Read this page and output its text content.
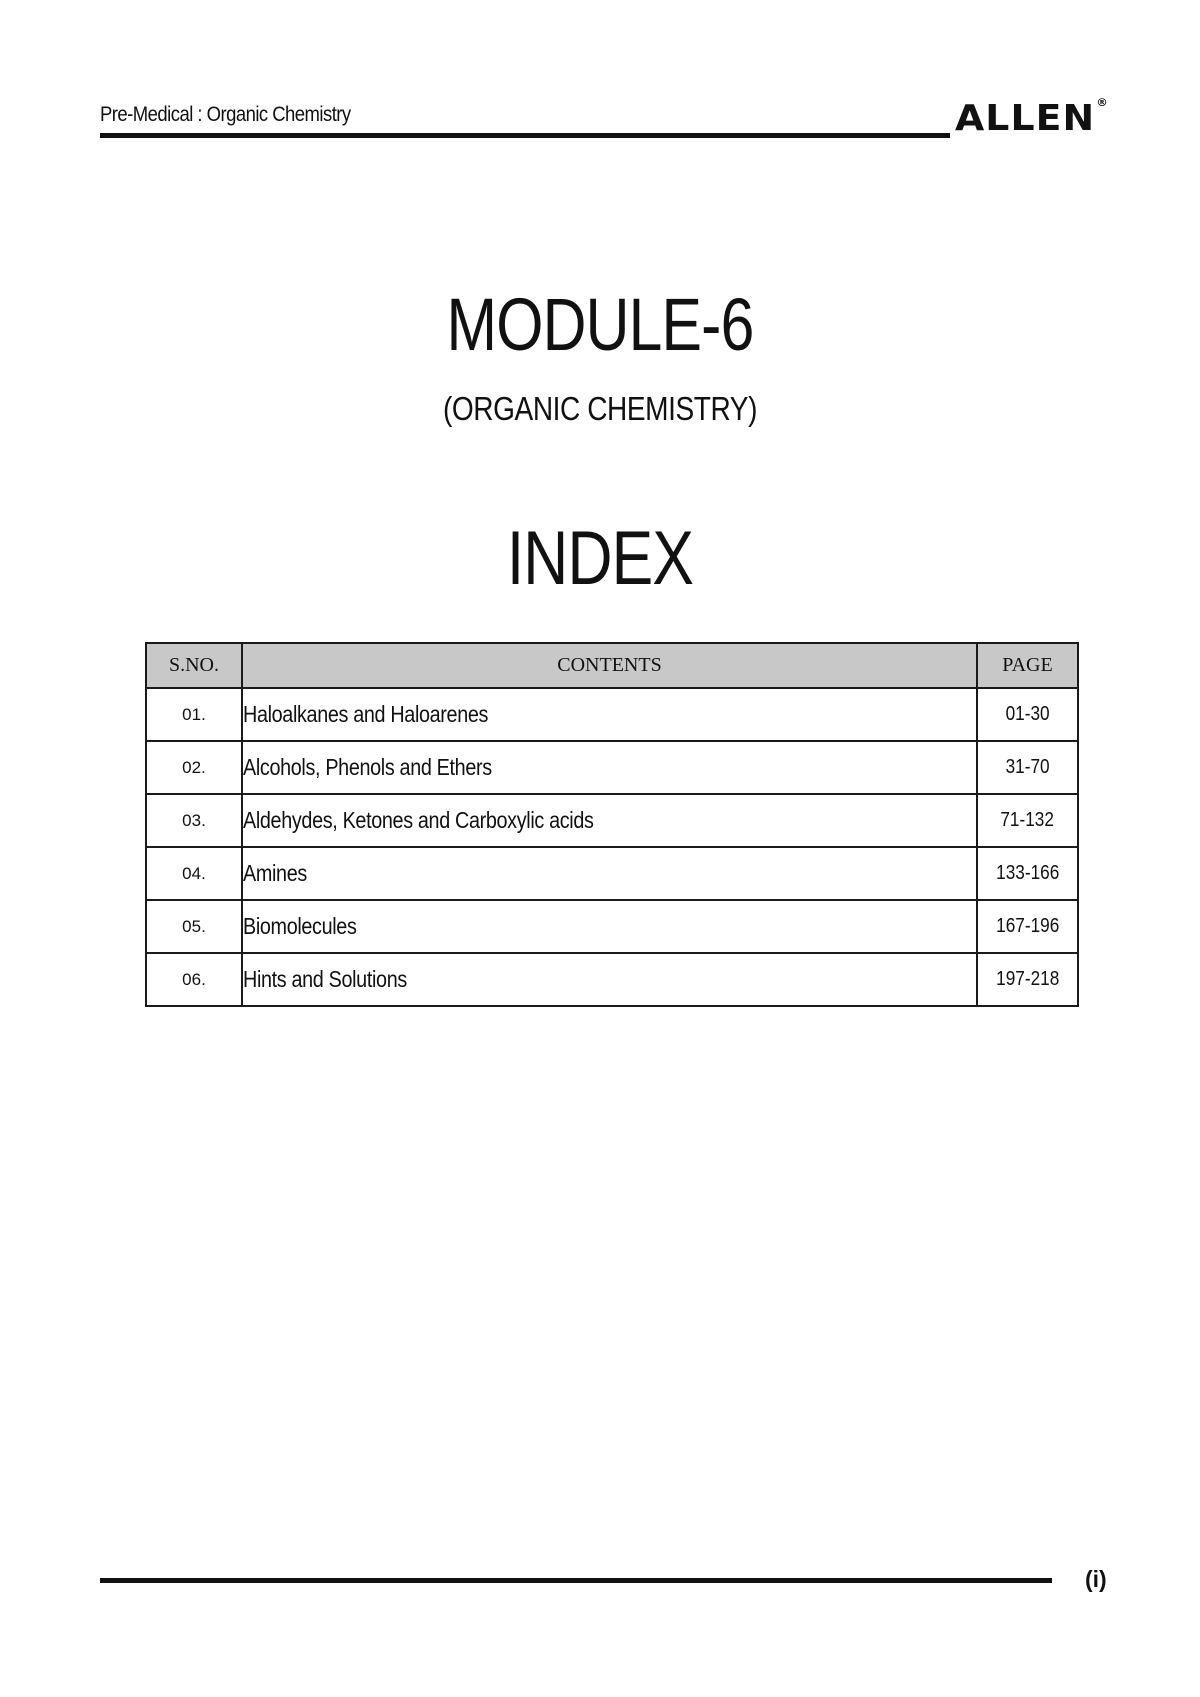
Pre-Medical : Organic Chemistry	ALLEN®
MODULE-6
(ORGANIC CHEMISTRY)
INDEX
S.NO.	CONTENTS	PAGE
01.	Haloalkanes and Haloarenes	01-30
02.	Alcohols, Phenols and Ethers	31-70
03.	Aldehydes, Ketones and Carboxylic acids	71-132
04.	Amines	133-166
05.	Biomolecules	167-196
06.	Hints and Solutions	197-218
(i)
